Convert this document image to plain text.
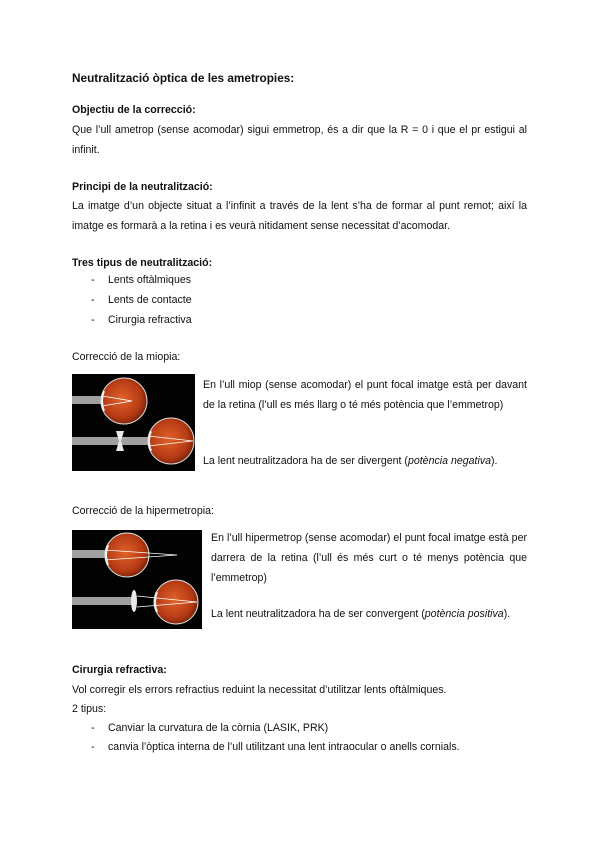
Neutralització òptica de les ametropies:
Objectiu de la correcció:
Que l’ull ametrop (sense acomodar) sigui emmetrop, és a dir que la R = 0 i que el pr estigui al infinit.
Principi de la neutralització:
La imatge d’un objecte situat a l’infinit a través de la lent s’ha de formar al punt remot; així la imatge es formarà a la retina i es veurà nitidament sense necessitat d’acomodar.
Tres tipus de neutralització:
- Lents oftàlmiques
- Lents de contacte
- Cirurgia refractiva
Correcció de la miopia:
En l’ull miop (sense acomodar) el punt focal imatge està per davant de la retina (l’ull es més llarg o té més potència que l’emmetrop)
La lent neutralitzadora ha de ser divergent (potència negativa).
Correcció de la hipermetropia:
En l’ull hipermetrop (sense acomodar) el punt focal imatge està per darrera de la retina (l’ull és més curt o té menys potència que l’emmetrop)
La lent neutralitzadora ha de ser convergent (potència positiva).
Cirurgia refractiva:
Vol corregir els errors refractius reduint la necessitat d’utilitzar lents oftàlmiques.
2 tipus:
- Canviar la curvatura de la còrnia (LASIK, PRK)
- canvia l’òptica interna de l’ull utilitzant una lent intraocular o anells cornials.
